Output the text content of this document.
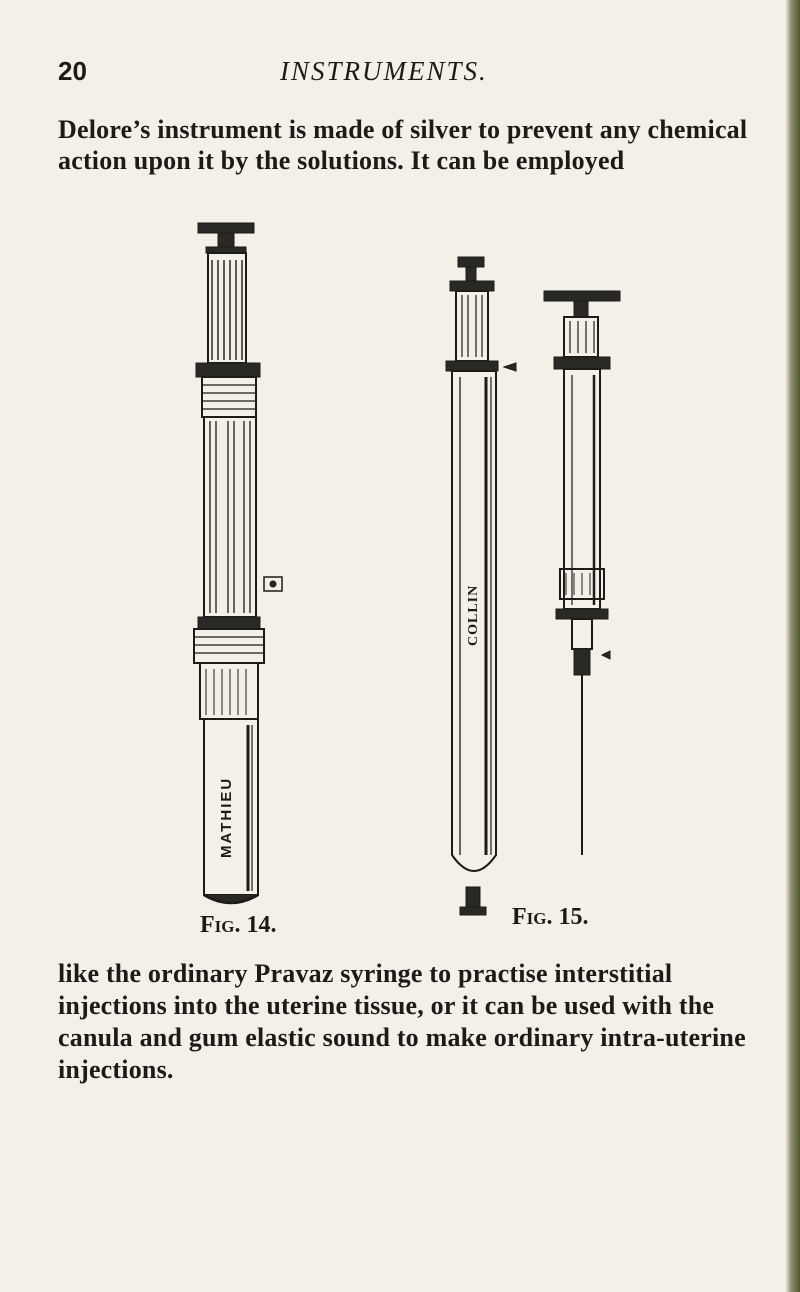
20	INSTRUMENTS.

Delore’s instrument is made of silver to prevent any chemical action upon it by the solutions. It can be employed

MATHIEU
COLLIN
Fig. 14.	Fig. 15.

like the ordinary Pravaz syringe to practise interstitial injections into the uterine tissue, or it can be used with the canula and gum elastic sound to make ordinary intra-uterine injections.
